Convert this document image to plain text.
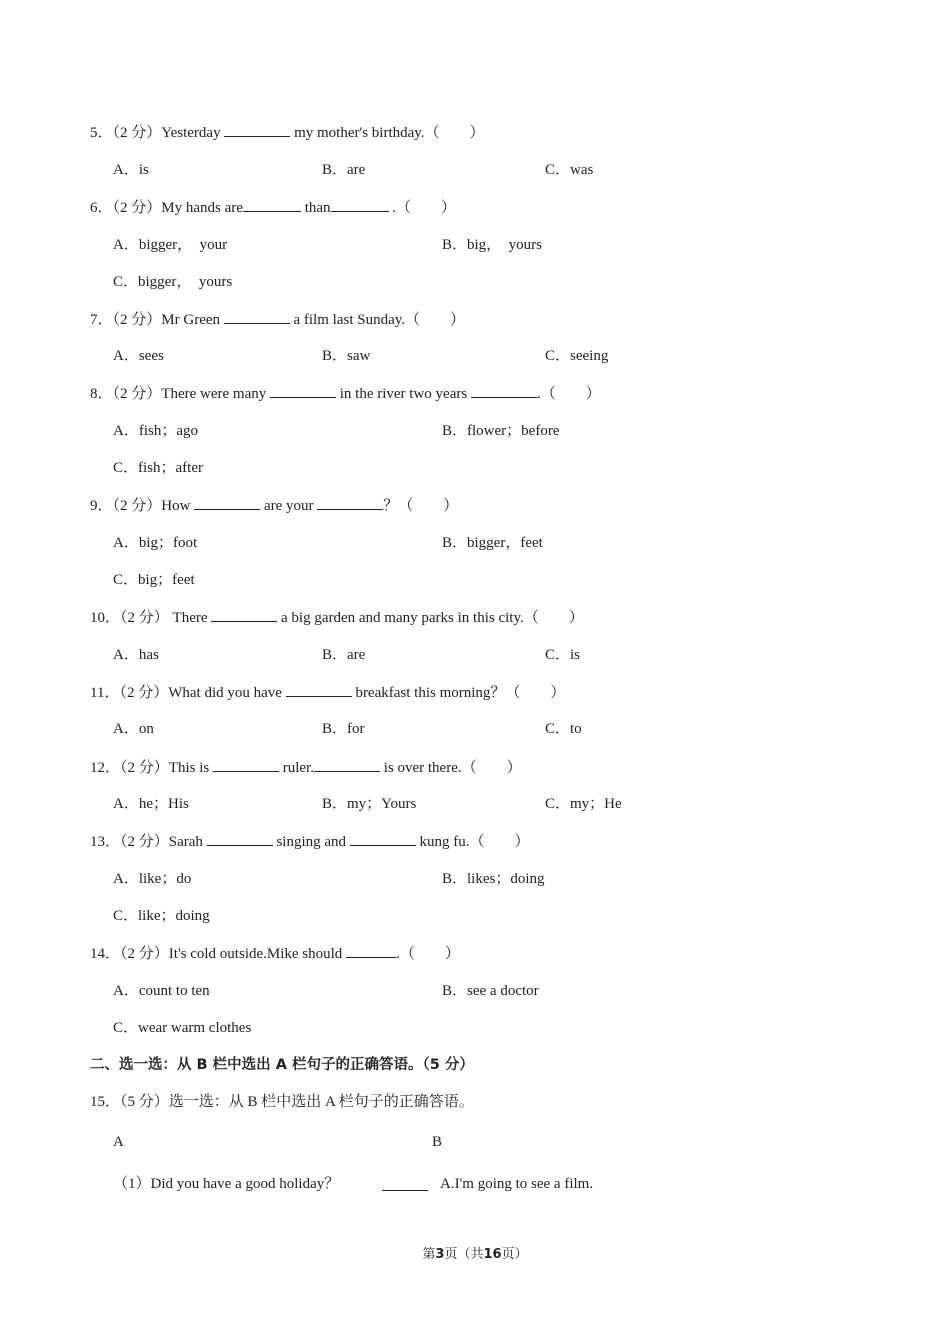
5．（2 分）Yesterday	my mother's birthday.（　　）
A．is	B．are	C．was
6．（2 分）My hands are	than	.（　　）
A．bigger，　your	B．big，　yours
C．bigger，　yours
7．（2 分）Mr Green	a film last Sunday.（　　）
A．sees	B．saw	C．seeing
8．（2 分）There were many	in the river two years	.（　　）
A．fish；ago	B．flower；before
C．fish；after
9．（2 分）How	are your	？（　　）
A．big；foot	B．bigger，feet
C．big；feet
10．（2 分） There	a big garden and many parks in this city.（　　）
A．has	B．are	C．is
11．（2 分）What did you have	breakfast this morning？（　　）
A．on	B．for	C．to
12．（2 分）This is	ruler.	is over there.（　　）
A．he；His	B．my；Yours	C．my；He
13．（2 分）Sarah	singing and	kung fu.（　　）
A．like；do	B．likes；doing
C．like；doing
14．（2 分）It's cold outside.Mike should	.（　　）
A．count to ten	B．see a doctor
C．wear warm clothes
二、选一选：从 B 栏中选出 A 栏句子的正确答语。（5 分）
15．（5 分）选一选：从 B 栏中选出 A 栏句子的正确答语。
A	B
（1）Did you have a good holiday？	A.I'm going to see a film.
第3页（共16页）
